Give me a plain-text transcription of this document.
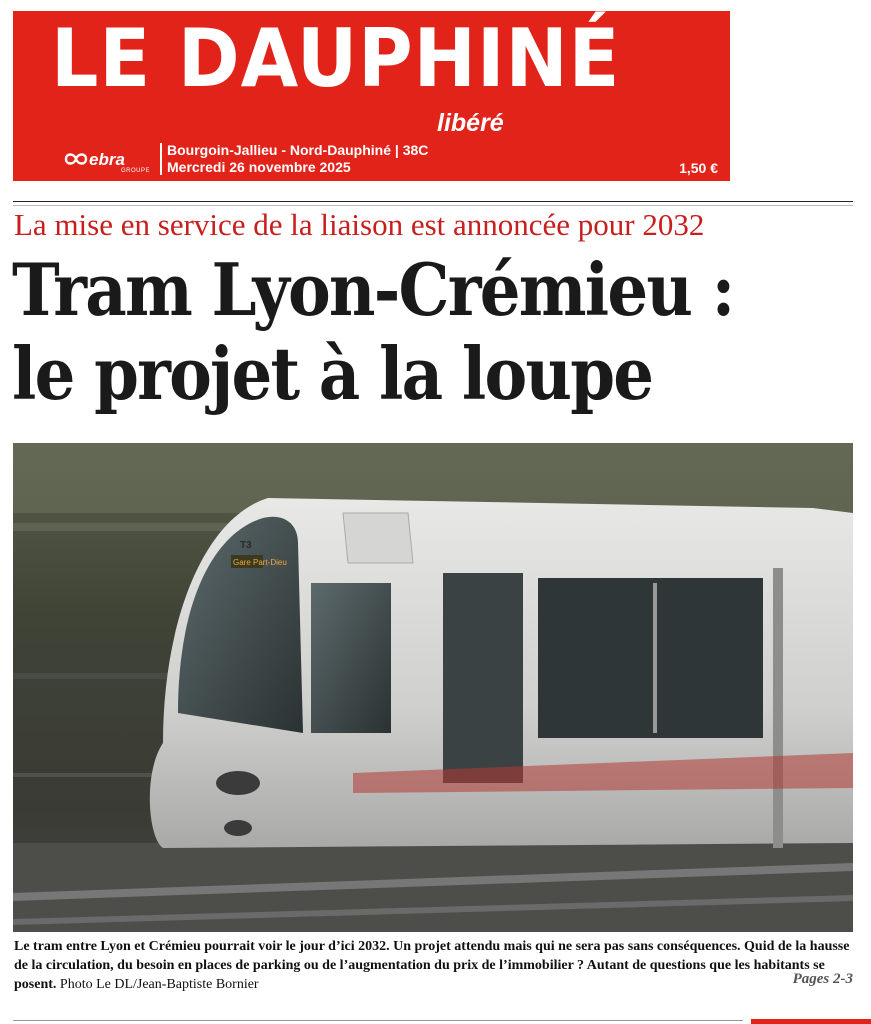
LE DAUPHINÉ
libéré
ebra
GROUPE
Bourgoin-Jallieu - Nord-Dauphiné | 38C
Mercredi 26 novembre 2025	1,50 €
La mise en service de la liaison est annoncée pour 2032
Tram Lyon-Crémieu :
le projet à la loupe
Gare Part-Dieu
T3
Le tram entre Lyon et Crémieu pourrait voir le jour d’ici 2032. Un projet attendu mais qui ne sera pas sans conséquences. Quid de la hausse de la circulation, du besoin en places de parking ou de l’augmentation du prix de l’immobilier ? Autant de questions que les habitants se posent. Photo Le DL/Jean-Baptiste Bornier	Pages 2-3
